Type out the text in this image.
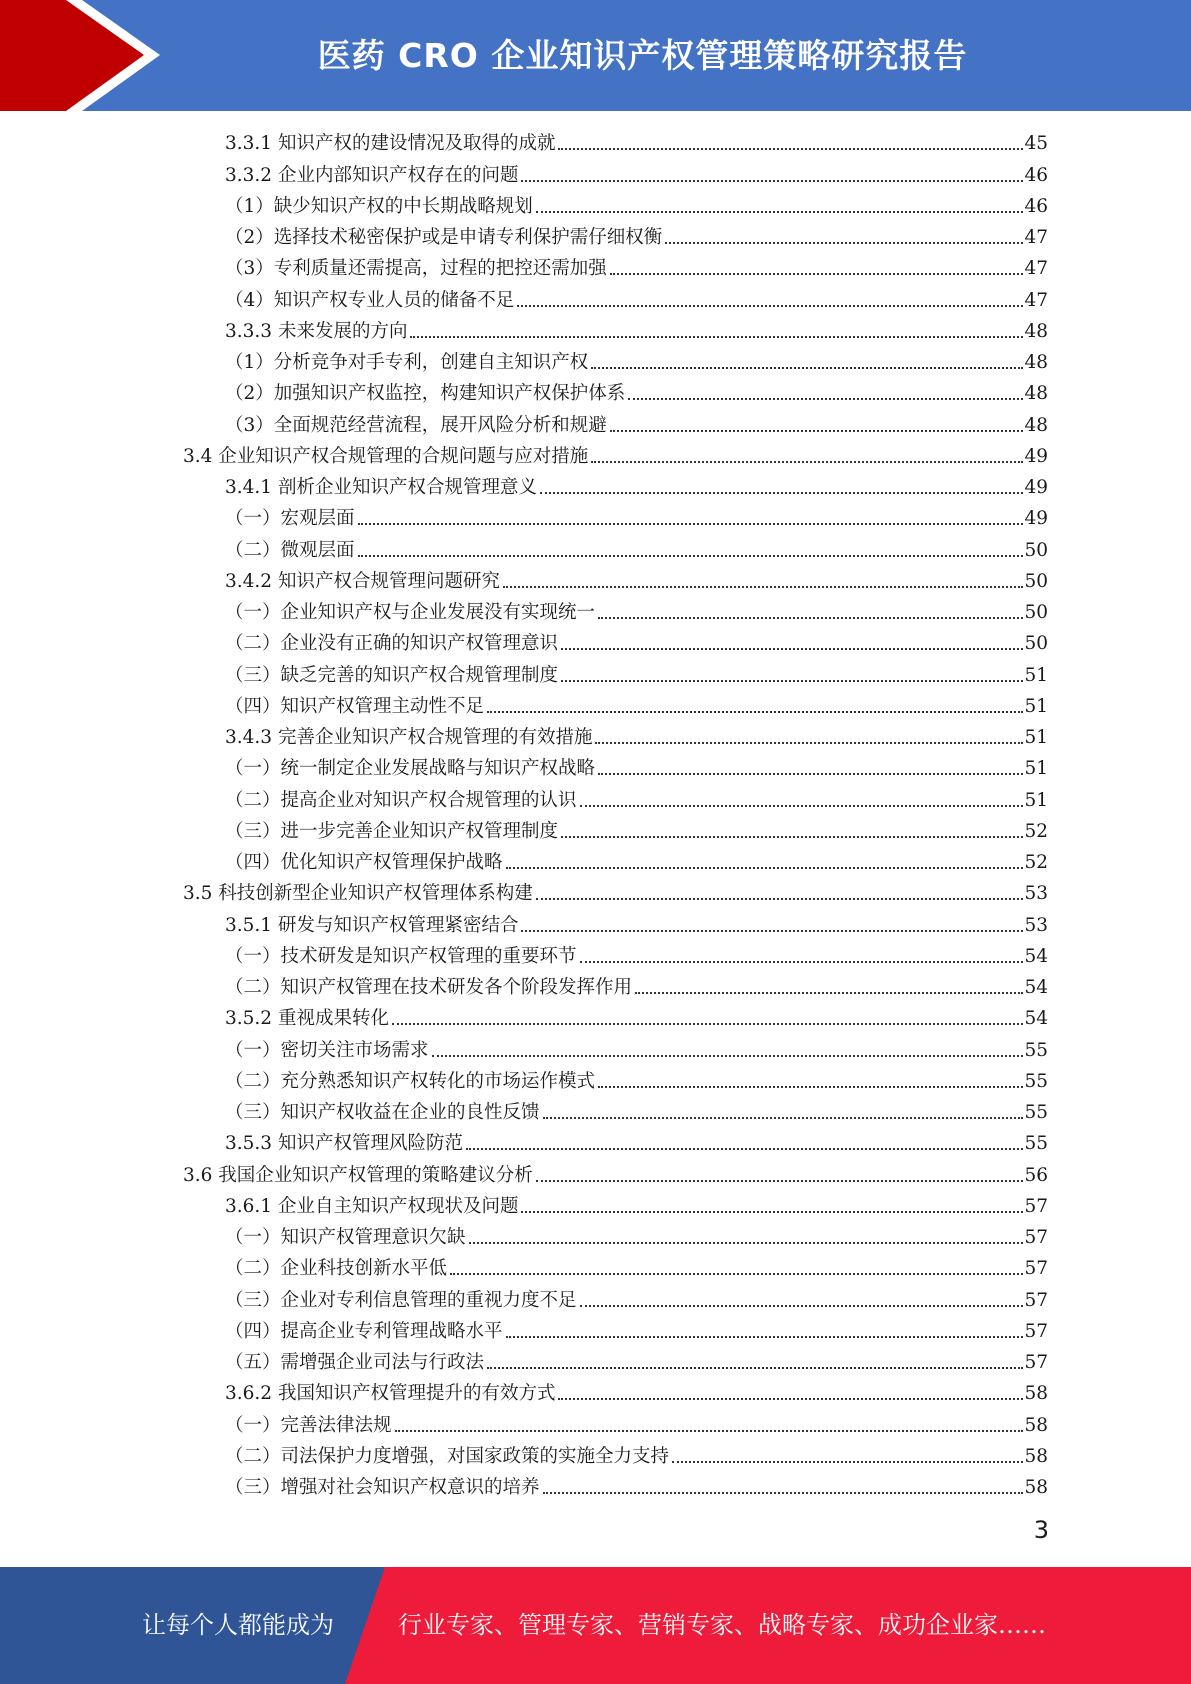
医药 CRO 企业知识产权管理策略研究报告
3.3.1 知识产权的建设情况及取得的成就	45
3.3.2 企业内部知识产权存在的问题	46
（1）缺少知识产权的中长期战略规划	46
（2）选择技术秘密保护或是申请专利保护需仔细权衡	47
（3）专利质量还需提高，过程的把控还需加强	47
（4）知识产权专业人员的储备不足	47
3.3.3 未来发展的方向	48
（1）分析竞争对手专利，创建自主知识产权	48
（2）加强知识产权监控，构建知识产权保护体系	48
（3）全面规范经营流程，展开风险分析和规避	48
3.4 企业知识产权合规管理的合规问题与应对措施	49
3.4.1 剖析企业知识产权合规管理意义	49
（一）宏观层面	49
（二）微观层面	50
3.4.2 知识产权合规管理问题研究	50
（一）企业知识产权与企业发展没有实现统一	50
（二）企业没有正确的知识产权管理意识	50
（三）缺乏完善的知识产权合规管理制度	51
（四）知识产权管理主动性不足	51
3.4.3 完善企业知识产权合规管理的有效措施	51
（一）统一制定企业发展战略与知识产权战略	51
（二）提高企业对知识产权合规管理的认识	51
（三）进一步完善企业知识产权管理制度	52
（四）优化知识产权管理保护战略	52
3.5 科技创新型企业知识产权管理体系构建	53
3.5.1 研发与知识产权管理紧密结合	53
（一）技术研发是知识产权管理的重要环节	54
（二）知识产权管理在技术研发各个阶段发挥作用	54
3.5.2 重视成果转化	54
（一）密切关注市场需求	55
（二）充分熟悉知识产权转化的市场运作模式	55
（三）知识产权收益在企业的良性反馈	55
3.5.3 知识产权管理风险防范	55
3.6 我国企业知识产权管理的策略建议分析	56
3.6.1 企业自主知识产权现状及问题	57
（一）知识产权管理意识欠缺	57
（二）企业科技创新水平低	57
（三）企业对专利信息管理的重视力度不足	57
（四）提高企业专利管理战略水平	57
（五）需增强企业司法与行政法	57
3.6.2 我国知识产权管理提升的有效方式	58
（一）完善法律法规	58
（二）司法保护力度增强，对国家政策的实施全力支持	58
（三）增强对社会知识产权意识的培养	58
3
让每个人都能成为	行业专家、管理专家、营销专家、战略专家、成功企业家……
